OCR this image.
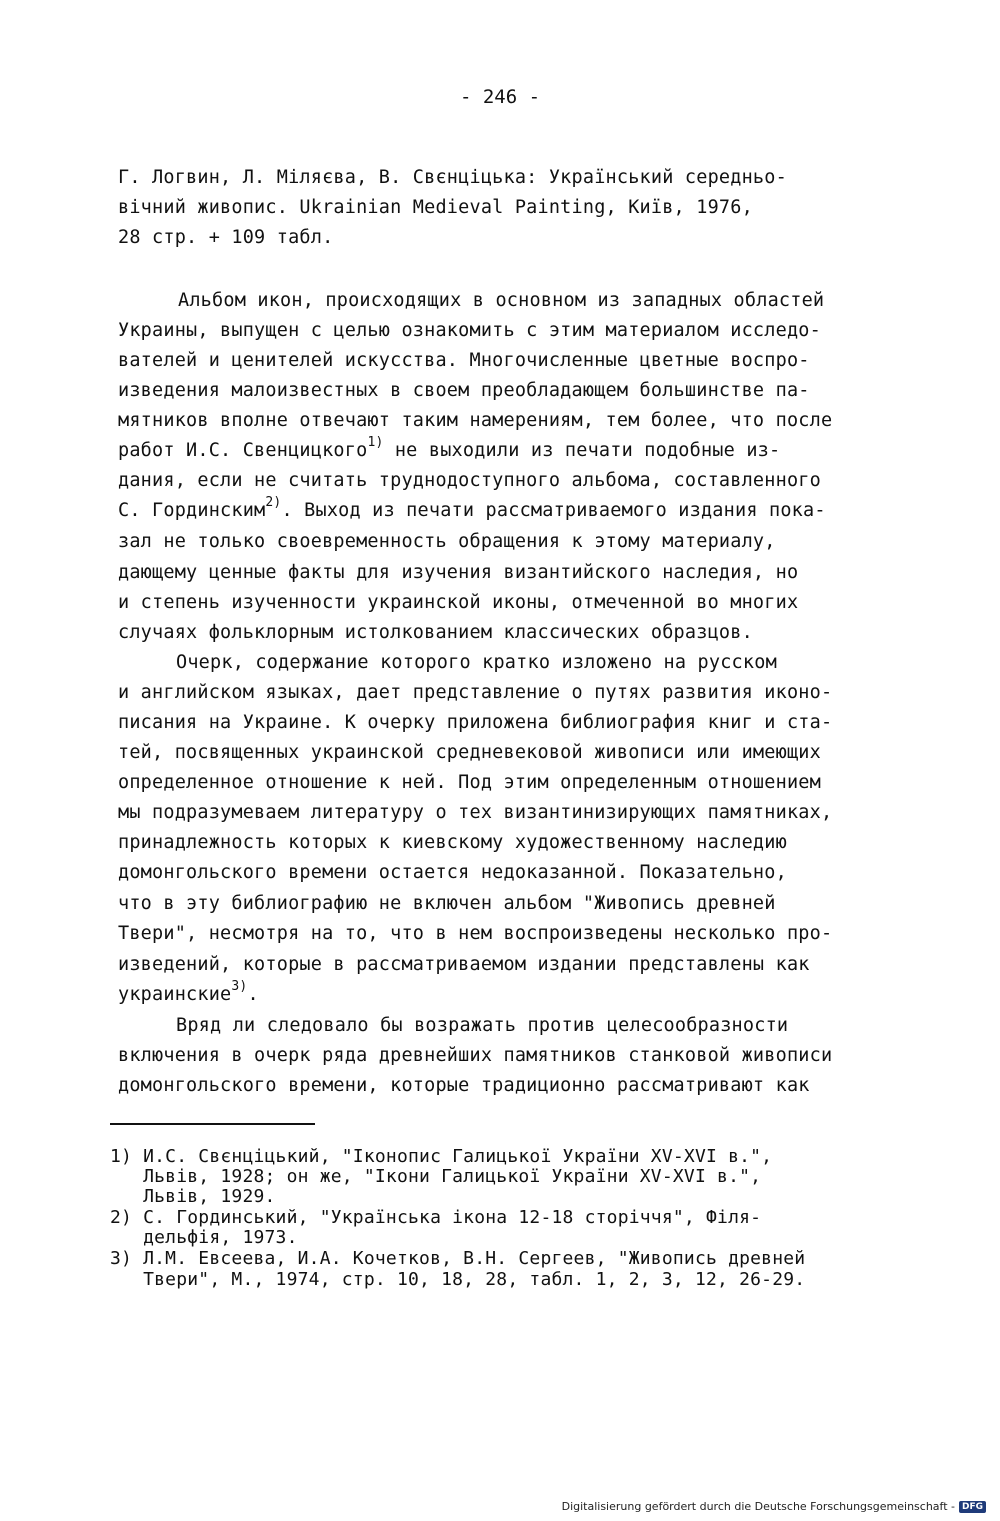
- 246 -
Г. Логвин, Л. Міляєва, В. Свєнціцька: Український середньо-
вічний живопис. Ukrainian Medieval Painting, Київ, 1976,
28 стр. + 109 табл.
Альбом икон, происходящих в основном из западных областей
Украины, выпущен с целью ознакомить с этим материалом исследо-
вателей и ценителей искусства. Многочисленные цветные воспро-
изведения малоизвестных в своем преобладающем большинстве па-
мятников вполне отвечают таким намерениям, тем более, что после
работ И.С. Свенцицкого$^{1)}$ не выходили из печати подобные из-
дания, если не считать труднодоступного альбома, составленного
С. Гординским$^{2)}$. Выход из печати рассматриваемого издания пока-
зал не только своевременность обращения к этому материалу,
дающему ценные факты для изучения византийского наследия, но
и степень изученности украинской иконы, отмеченной во многих
случаях фольклорным истолкованием классических образцов.
Очерк, содержание которого кратко изложено на русском
и английском языках, дает представление о путях развития иконо-
писания на Украине. К очерку приложена библиография книг и ста-
тей, посвященных украинской средневековой живописи или имеющих
определенное отношение к ней. Под этим определенным отношением
мы подразумеваем литературу о тех византинизирующих памятниках,
принадлежность которых к киевскому художественному наследию
домонгольского времени остается недоказанной. Показательно,
что в эту библиографию не включен альбом "Живопись древней
Твери", несмотря на то, что в нем воспроизведены несколько про-
изведений, которые в рассматриваемом издании представлены как
украинские$^{3)}$.
Вряд ли следовало бы возражать против целесообразности
включения в очерк ряда древнейших памятников станковой живописи
домонгольского времени, которые традиционно рассматривают как
1) И.С. Свєнціцький, "Іконопис Галицької України XV-XVI в.",
Львів, 1928; он же, "Ікони Галицької України XV-XVI в.",
Львів, 1929.
2) С. Гординський, "Українська ікона 12-18 сторіччя", Філя-
дельфія, 1973.
3) Л.М. Евсеева, И.А. Кочетков, В.Н. Сергеев, "Живопись древней
Твери", М., 1974, стр. 10, 18, 28, табл. 1, 2, 3, 12, 26-29.
Digitalisierung gefördert durch die Deutsche Forschungsgemeinschaft - DFG
